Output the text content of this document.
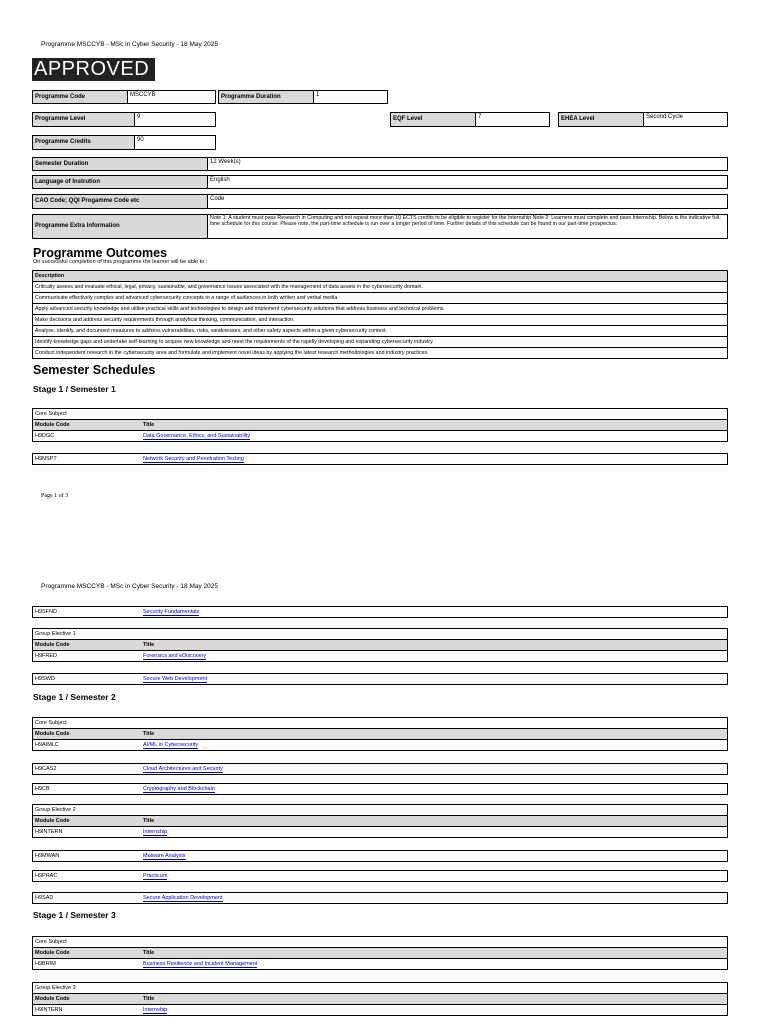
Programme MSCCYB - MSc in Cyber Security - 18 May 2025
APPROVED
Programme Code	MSCCYB	Programme Duration	1
Programme Level	9	EQF Level	7	EHEA Level	Second Cycle
Programme Credits	90
Semester Duration	12 Week(s)
Language of Instrution	English
CAO Code; QQI Progamme Code etc	Code
Programme Extra Information
Note 1: A student must pass Research in Computing and not repeat more than 10 ECTS credits to be eligible to register for the Internship Note 2: Learners must complete and pass Internship. Below is the indicative full-time schedule for this course. Please note, the part-time schedule is run over a longer period of time. Further details of this schedule can be found in our part-time prospectus.
Programme Outcomes
On successful completion of this programme the learner will be able to :
Description
Critically assess and evaluate ethical, legal, privacy, sustainable, and governance issues associated with the management of data assets in the cybersecurity domain.
Communicate effectively complex and advanced cybersecurity concepts to a range of audiences in both written and verbal media.
Apply advanced security knowledge and utilise practical skills and technologies to design and implement cybersecurity solutions that address business and technical problems.
Make decisions and address security requirements through analytical thinking, communication, and interaction.
Analyse, identify, and document measures to address vulnerabilities, risks, weaknesses, and other safety aspects within a given cybersecurity context.
Identify knowledge gaps and undertake self-learning to acquire new knowledge and meet the requirements of the rapidly developing and expanding cybersecurity industry.
Conduct independent research in the cybersecurity area and formulate and implement novel ideas by applying the latest research methodologies and industry practices.
Semester Schedules
Stage 1 / Semester 1
Core Subject
Module Code	Title
H9DGC	Data Governance, Ethics, and Sustainability
H9NSPT	Network Security and Penetration Testing
Page 1 of 3
Programme MSCCYB - MSc in Cyber Security - 18 May 2025
H9SFND	Security Fundamentals
Group Elective 1
Module Code	Title
H9FRED	Forensics and eDiscovery
H9SWD	Secure Web Development
Stage 1 / Semester 2
Core Subject
Module Code	Title
H9AIMLC	AI/ML in Cybersecurity
H9CAS2	Cloud Architectures and Security
H9CB	Cryptography and Blockchain
Group Elective 2
Module Code	Title
H9INTERN	Internship
H9MWAN	Malware Analysis
H9PRAC	Practicum
H9SAD	Secure Application Development
Stage 1 / Semester 3
Core Subject
Module Code	Title
H9BRIM	Business Resilience and Incident Management
Group Elective 3
Module Code	Title
H9INTERN	Internship
